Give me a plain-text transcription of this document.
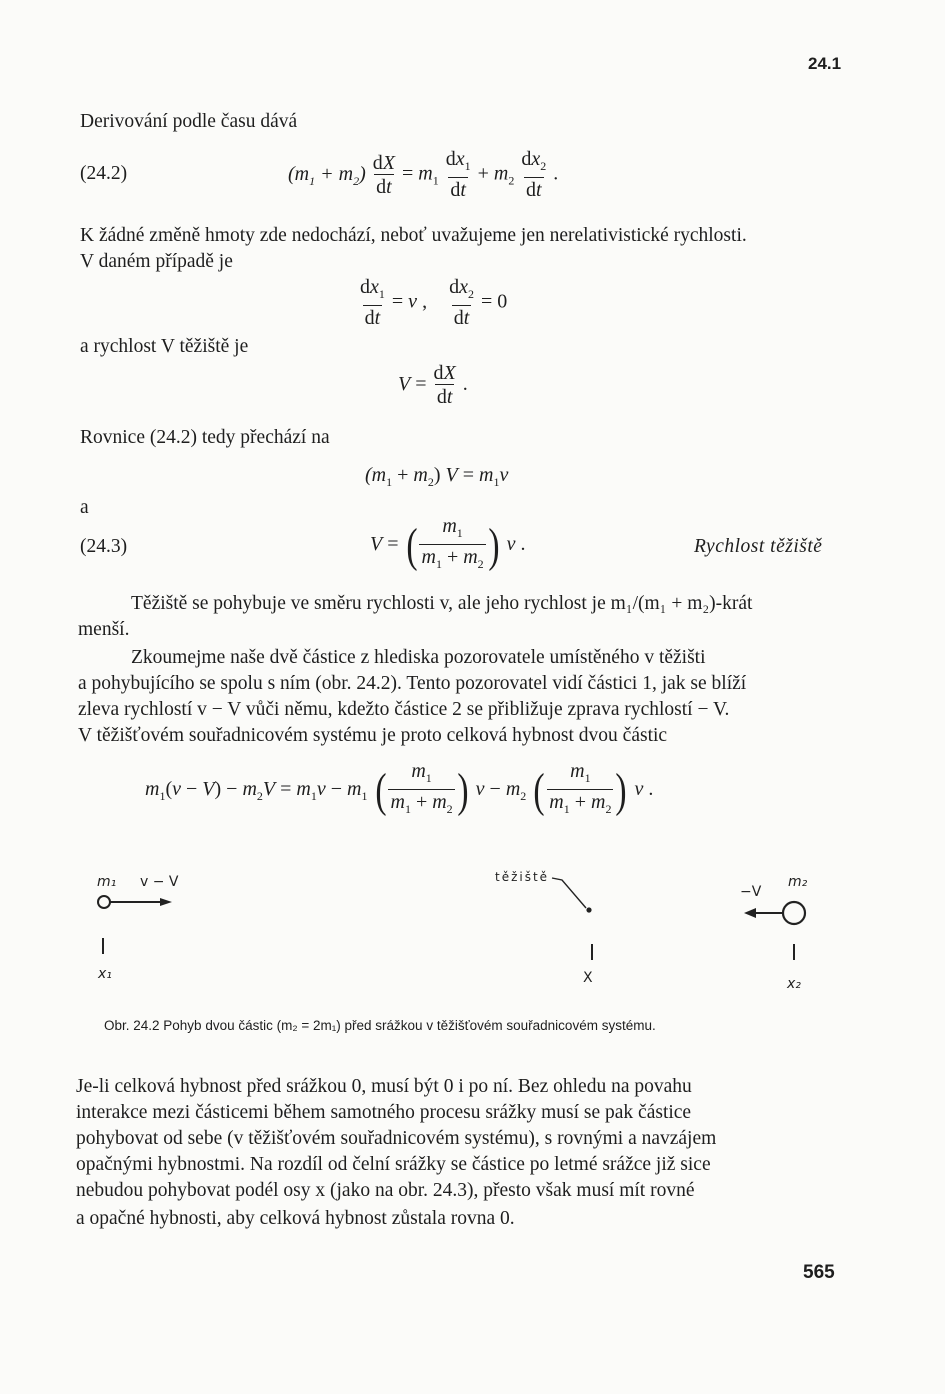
24.1
Derivování podle času dává
(24.2)	$(m_1 + m_2) \frac{dX}{dt} = m_1 \frac{dx_1}{dt} + m_2 \frac{dx_2}{dt}$ .
K žádné změně hmoty zde nedochází, neboť uvažujeme jen nerelativistické rychlosti.
V daném případě je
$\frac{dx_1}{dt} = v$ , $\frac{dx_2}{dt} = 0$
a rychlost V těžiště je
$V = \frac{dX}{dt}$ .
Rovnice (24.2) tedy přechází na
$(m_1 + m_2) V = m_1v$
a
(24.3)	V = ( $\frac{m_1}{m_1 + m_2}$ ) v .	Rychlost těžiště
Těžiště se pohybuje ve směru rychlosti v, ale jeho rychlost je m₁/(m₁ + m₂)-krát
menší.
Zkoumejme naše dvě částice z hlediska pozorovatele umístěného v těžišti
a pohybujícího se spolu s ním (obr. 24.2). Tento pozorovatel vidí částici 1, jak se blíží
zleva rychlostí v − V vůči němu, kdežto částice 2 se přibližuje zprava rychlostí − V.
V těžišťovém souřadnicovém systému je proto celková hybnost dvou částic
$m_1(v - V) - m_2V = m_1v - m_1$ ( $\frac{m_1}{m_1 + m_2}$ ) $v - m_2$ ( $\frac{m_1}{m_1 + m_2}$ ) v .
m₁ v − V
x₁
těžiště
X
m₂
−V
x₂
Obr. 24.2 Pohyb dvou částic (m₂ = 2m₁) před srážkou v těžišťovém souřadnicovém systému.
Je-li celková hybnost před srážkou 0, musí být 0 i po ní. Bez ohledu na povahu
interakce mezi částicemi během samotného procesu srážky musí se pak částice
pohybovat od sebe (v těžišťovém souřadnicovém systému), s rovnými a navzájem
opačnými hybnostmi. Na rozdíl od čelní srážky se částice po letmé srážce již sice
nebudou pohybovat podél osy x (jako na obr. 24.3), přesto však musí mít rovné
a opačné hybnosti, aby celková hybnost zůstala rovna 0.
565
